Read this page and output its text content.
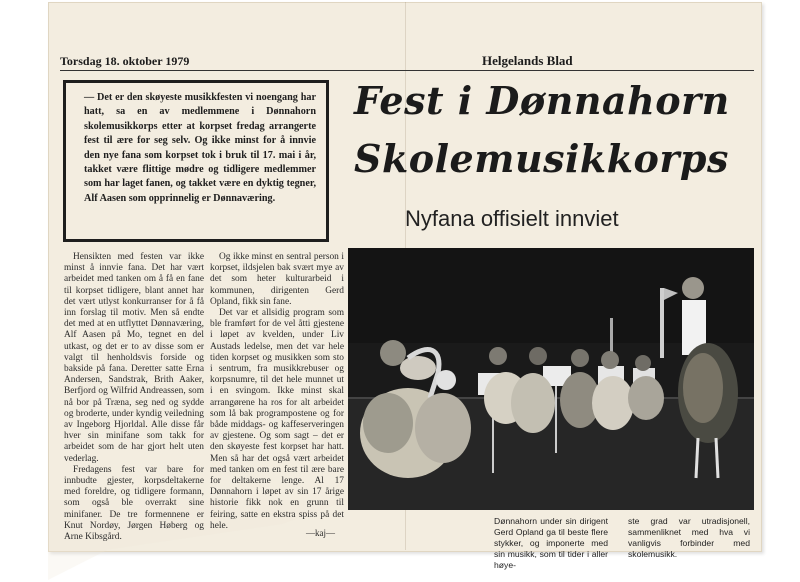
Torsdag 18. oktober 1979	Helgelands Blad
— Det er den skøyeste musikkfesten vi noengang har hatt, sa en av medlemmene i Dønnahorn skolemusikkorps etter at korpset fredag arrangerte fest til ære for seg selv. Og ikke minst for å innvie den nye fana som korpset tok i bruk til 17. mai i år, takket være flittige mødre og tidligere medlemmer som har laget fanen, og takket være en dyktig tegner, Alf Aasen som opprinnelig er Dønnaværing.
Fest i Dønnahorn
Skolemusikkorps
Nyfana offisielt innviet

Hensikten med festen var ikke minst å innvie fana. Det har vært arbeidet med tanken om å få en fane til korpset tidligere, blant annet har det vært utlyst konkurranser for å få inn forslag til motiv. Men så endte det med at en utflyttet Dønnaværing, Alf Aasen på Mo, tegnet en del utkast, og det er to av disse som er valgt til henholdsvis forside og bakside på fana. Deretter satte Erna Andersen, Sandstrak, Brith Aaker, Berfjord og Wilfrid Andreassen, som nå bor på Træna, seg ned og sydde og broderte, under kyndig veiledning av Ingeborg Hjorldal. Alle disse får hver sin minifane som takk for arbeidet som de har gjort helt uten vederlag.

Fredagens fest var bare for innbudte gjester, korpsdeltakerne med foreldre, og tidligere formann, som også ble overrakt sine minifaner. De tre formennene er Knut Nordøy, Jørgen Høberg og Arne Kibsgård.

Og ikke minst en sentral person i korpset, ildsjelen bak svært mye av det som heter kulturarbeid i kommunen, dirigenten Gerd Opland, fikk sin fane.

Det var et allsidig program som ble framført for de vel åtti gjestene i løpet av kvelden, under Liv Austads ledelse, men det var hele tiden korpset og musikken som sto i sentrum, fra musikkrebuser og korpsnumre, til det hele munnet ut i en svingom. Ikke minst skal arrangørene ha ros for alt arbeidet som lå bak programpostene og for både middags- og kaffeserveringen av gjestene. Og som sagt – det er den skøyeste fest korpset har hatt. Men så har det også vært arbeidet med tanken om en fest til ære bare for deltakerne lenge. Al 17 Dønnahorn i løpet av sin 17 årige historie fikk nok en grunn til feiring, satte en ekstra spiss på det hele.

—kaj—
Dønnahorn under sin dirigent Gerd Opland ga til beste flere stykker, og imponerte med sin musikk, som til tider i aller høye-
ste grad var utradisjonell, sammenliknet med hva vi vanligvis forbinder med skolemusikk.
